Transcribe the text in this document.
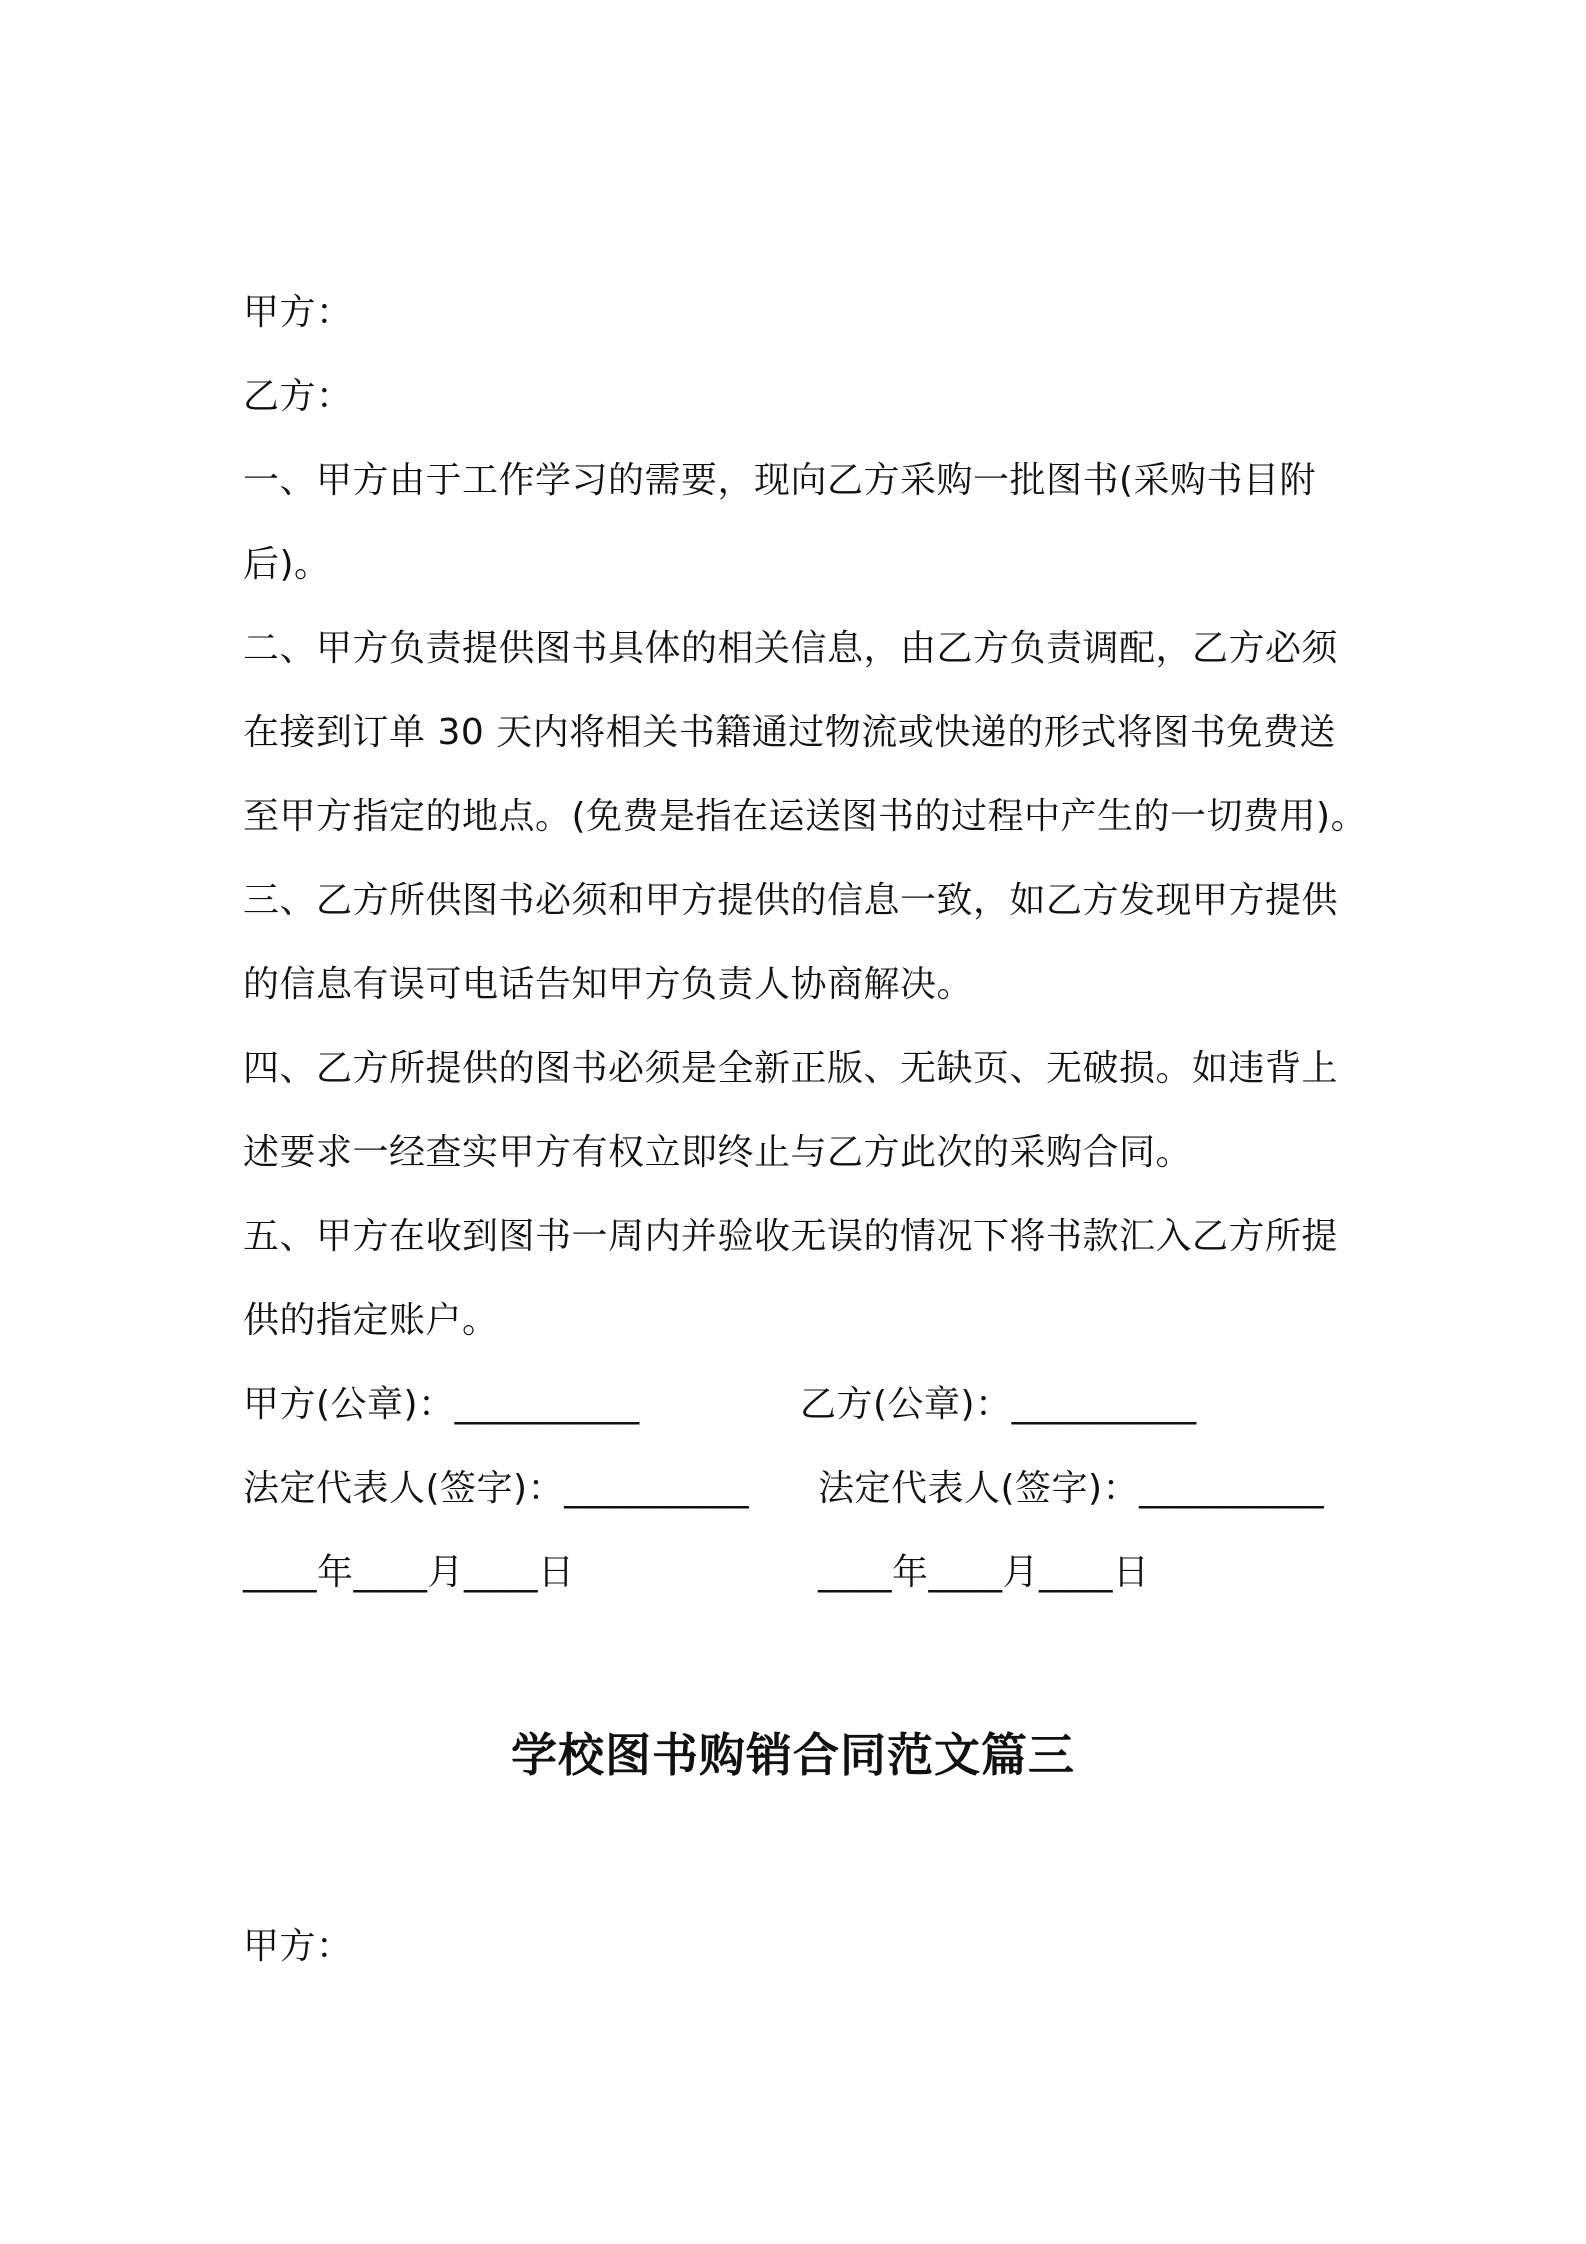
甲方：
乙方：
一、甲方由于工作学习的需要，现向乙方采购一批图书(采购书目附
后)。
二、甲方负责提供图书具体的相关信息，由乙方负责调配，乙方必须
在接到订单 30 天内将相关书籍通过物流或快递的形式将图书免费送
至甲方指定的地点。(免费是指在运送图书的过程中产生的一切费用)。
三、乙方所供图书必须和甲方提供的信息一致，如乙方发现甲方提供
的信息有误可电话告知甲方负责人协商解决。
四、乙方所提供的图书必须是全新正版、无缺页、无破损。如违背上
述要求一经查实甲方有权立即终止与乙方此次的采购合同。
五、甲方在收到图书一周内并验收无误的情况下将书款汇入乙方所提
供的指定账户。
甲方(公章)：__________	乙方(公章)：__________
法定代表人(签字)：__________ 法定代表人(签字)：__________
____年____月____日	____年____月____日
学校图书购销合同范文篇三
甲方：
